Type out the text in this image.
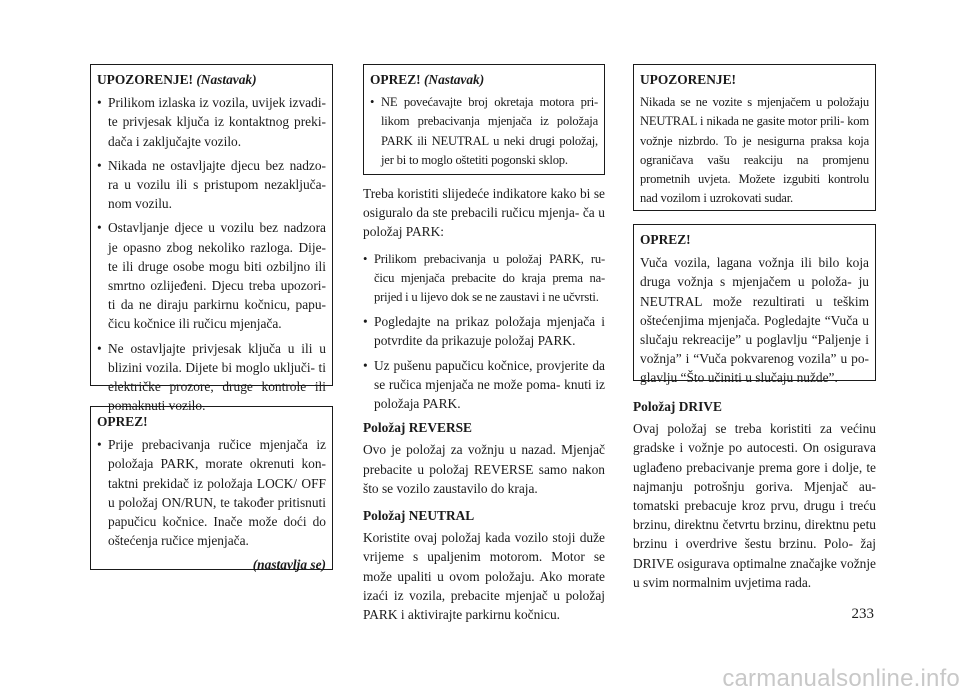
UPOZORENJE! (Nastavak)
• Prilikom izlaska iz vozila, uvijek izvadi- te privjesak ključa iz kontaktnog preki- dača i zaključajte vozilo.
• Nikada ne ostavljajte djecu bez nadzo- ra u vozilu ili s pristupom nezaključa- nom vozilu.
• Ostavljanje djece u vozilu bez nadzora je opasno zbog nekoliko razloga. Dije- te ili druge osobe mogu biti ozbiljno ili smrtno ozlijeđeni. Djecu treba upozori- ti da ne diraju parkirnu kočnicu, papu- čicu kočnice ili ručicu mjenjača.
• Ne ostavljajte privjesak ključa u ili u blizini vozila. Dijete bi moglo uključi- ti električke prozore, druge kontrole ili pomaknuti vozilo.
OPREZ!
• Prije prebacivanja ručice mjenjača iz položaja PARK, morate okrenuti kon- taktni prekidač iz položaja LOCK/ OFF u položaj ON/RUN, te također pritisnuti papučicu kočnice. Inače može doći do oštećenja ručice mjenjača.
(nastavlja se)
OPREZ! (Nastavak)
• NE povećavajte broj okretaja motora pri- likom prebacivanja mjenjača iz položaja PARK ili NEUTRAL u neki drugi položaj, jer bi to moglo oštetiti pogonski sklop.

Treba koristiti slijedeće indikatore kako bi se osiguralo da ste prebacili ručicu mjenja- ča u položaj PARK:

• Prilikom prebacivanja u položaj PARK, ru- čicu mjenjača prebacite do kraja prema na- prijed i u lijevo dok se ne zaustavi i ne učvrsti.
• Pogledajte na prikaz položaja mjenjača i potvrdite da prikazuje položaj PARK.
• Uz pušenu papučicu kočnice, provjerite da se ručica mjenjača ne može poma- knuti iz položaja PARK.
Položaj REVERSE

Ovo je položaj za vožnju u nazad. Mjenjač prebacite u položaj REVERSE samo nakon što se vozilo zaustavilo do kraja.

Položaj NEUTRAL

Koristite ovaj položaj kada vozilo stoji duže vrijeme s upaljenim motorom. Motor se može upaliti u ovom položaju. Ako morate izaći iz vozila, prebacite mjenjač u položaj PARK i aktivirajte parkirnu kočnicu.

UPOZORENJE!

Nikada se ne vozite s mjenjačem u položaju NEUTRAL i nikada ne gasite motor prili- kom vožnje nizbrdo. To je nesigurna praksa koja ograničava vašu reakciju na promjenu prometnih uvjeta. Možete izgubiti kontrolu nad vozilom i uzrokovati sudar.

OPREZ!

Vuča vozila, lagana vožnja ili bilo koja druga vožnja s mjenjačem u položa- ju NEUTRAL može rezultirati u teškim oštećenjima mjenjača. Pogledajte “Vuča u slučaju rekreacije” u poglavlju “Paljenje i vožnja” i “Vuča pokvarenog vozila” u po- glavlju “Što učiniti u slučaju nužde”.

Položaj DRIVE

Ovaj položaj se treba koristiti za većinu gradske i vožnje po autocesti. On osigurava uglađeno prebacivanje prema gore i dolje, te najmanju potrošnju goriva. Mjenjač au- tomatski prebacuje kroz prvu, drugu i treću brzinu, direktnu četvrtu brzinu, direktnu petu brzinu i overdrive šestu brzinu. Polo- žaj DRIVE osigurava optimalne značajke vožnje u svim normalnim uvjetima rada.

233
carmanualsonline.info
